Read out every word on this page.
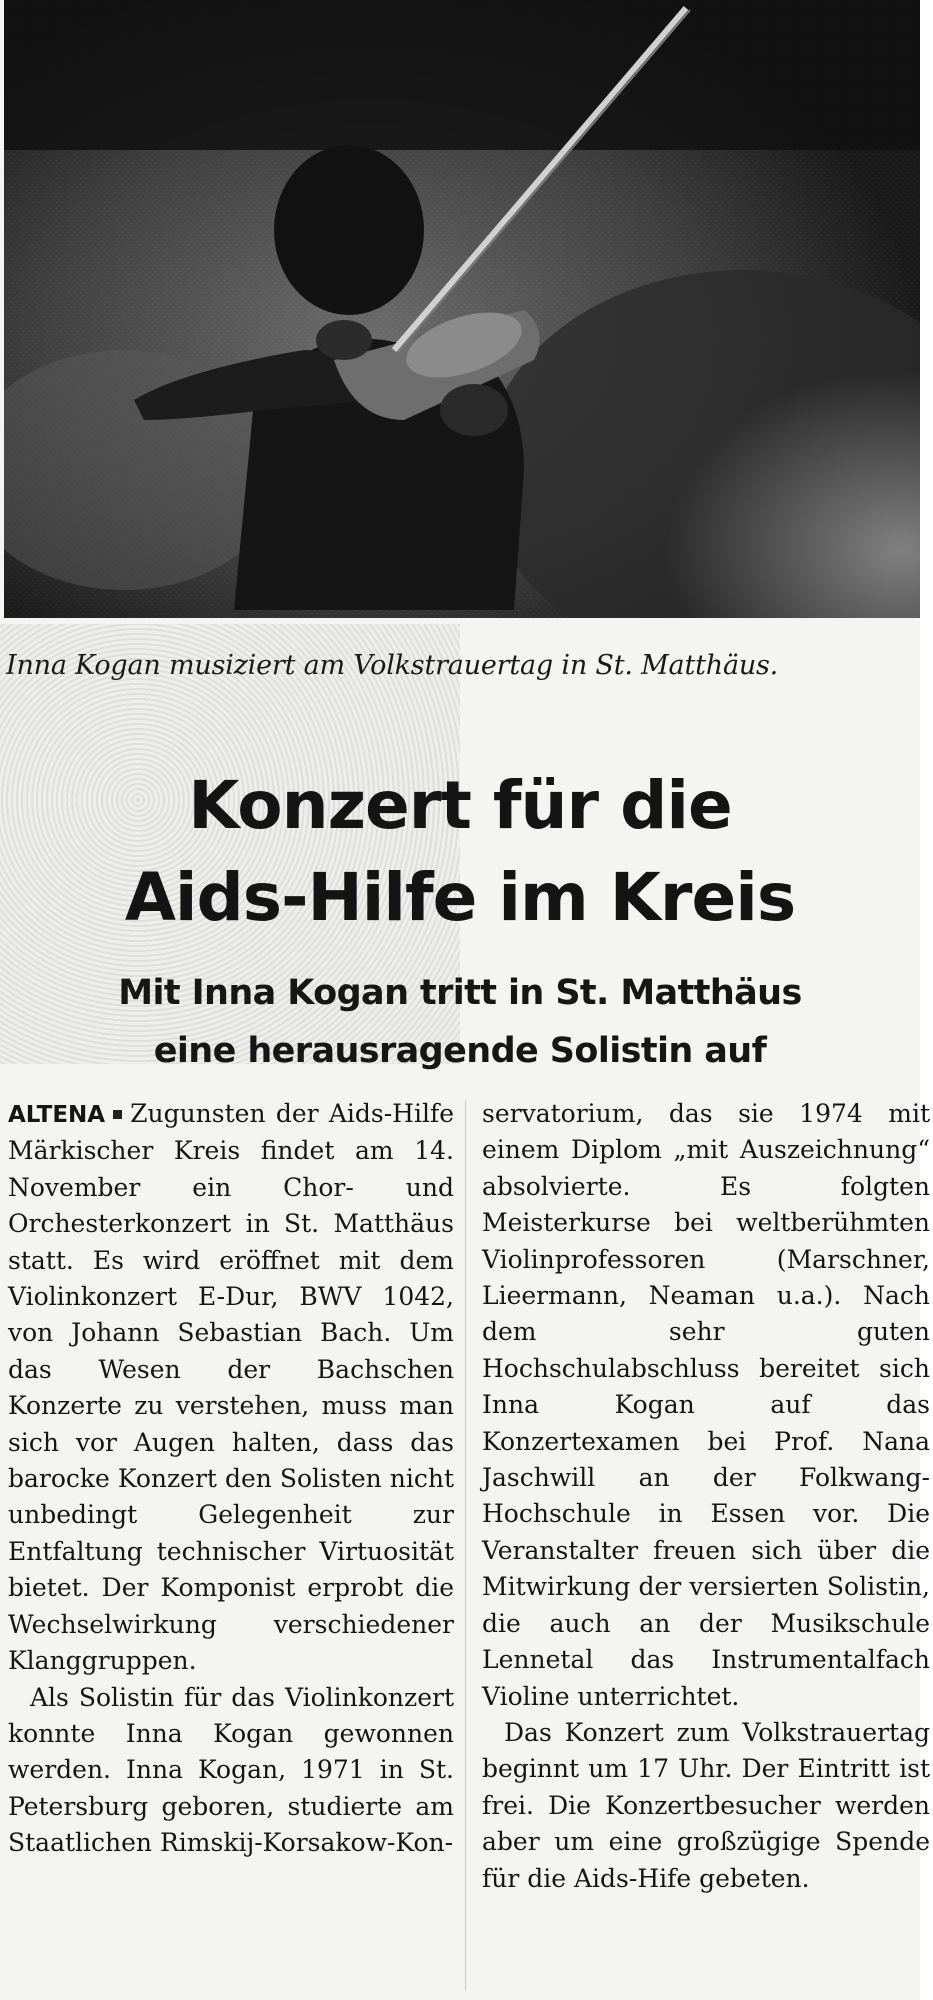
Inna Kogan musiziert am Volkstrauertag in St. Matthäus.
Konzert für die
Aids-Hilfe im Kreis
Mit Inna Kogan tritt in St. Matthäus
eine herausragende Solistin auf

ALTENA Zugunsten der Aids-Hilfe Märkischer Kreis findet am 14. November ein Chor- und Orchesterkonzert in St. Matthäus statt. Es wird eröffnet mit dem Violinkonzert E-Dur, BWV 1042, von Johann Sebastian Bach. Um das Wesen der Bachschen Konzerte zu verstehen, muss man sich vor Augen halten, dass das barocke Konzert den Solisten nicht unbedingt Gelegenheit zur Entfaltung technischer Virtuosität bietet. Der Komponist erprobt die Wechselwirkung verschiedener Klanggruppen.

Als Solistin für das Violinkonzert konnte Inna Kogan gewonnen werden. Inna Kogan, 1971 in St. Petersburg geboren, studierte am Staatlichen Rimskij-Korsakow-Kon-

servatorium, das sie 1974 mit einem Diplom „mit Auszeichnung“ absolvierte. Es folgten Meisterkurse bei weltberühmten Violinprofessoren (Marschner, Lieermann, Neaman u.a.). Nach dem sehr guten Hochschulabschluss bereitet sich Inna Kogan auf das Konzertexamen bei Prof. Nana Jaschwill an der Folkwang-Hochschule in Essen vor. Die Veranstalter freuen sich über die Mitwirkung der versierten Solistin, die auch an der Musikschule Lennetal das Instrumentalfach Violine unterrichtet.

Das Konzert zum Volkstrauertag beginnt um 17 Uhr. Der Eintritt ist frei. Die Konzertbesucher werden aber um eine großzügige Spende für die Aids-Hife gebeten.
